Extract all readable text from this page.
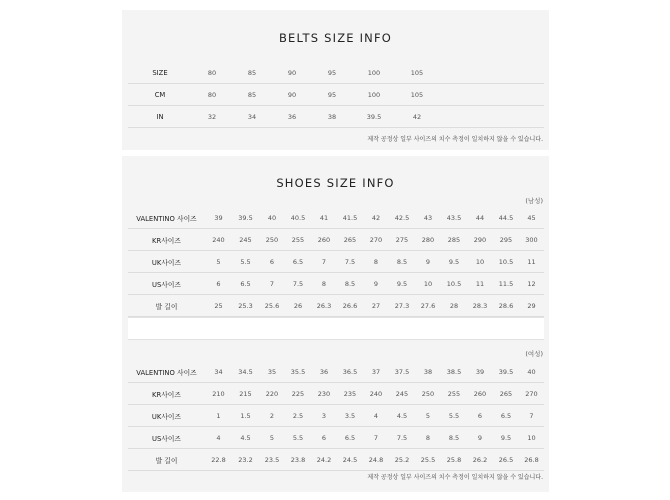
BELTS SIZE INFO
SIZE	80	85	90	95	100	105	
CM	80	85	90	95	100	105	
IN	32	34	36	38	39.5	42	
제작 공정상 일부 사이즈의 치수 측정이 일치하지 않을 수 있습니다.
SHOES SIZE INFO
(남성)
(여성)
제작 공정상 일부 사이즈의 치수 측정이 일치하지 않을 수 있습니다.
VALENTINO 사이즈	39	39.5	40	40.5	41	41.5	42	42.5	43	43.5	44	44.5	45
KR사이즈	240	245	250	255	260	265	270	275	280	285	290	295	300
UK사이즈	5	5.5	6	6.5	7	7.5	8	8.5	9	9.5	10	10.5	11
US사이즈	6	6.5	7	7.5	8	8.5	9	9.5	10	10.5	11	11.5	12
발 길이	25	25.3	25.6	26	26.3	26.6	27	27.3	27.6	28	28.3	28.6	29
VALENTINO 사이즈	34	34.5	35	35.5	36	36.5	37	37.5	38	38.5	39	39.5	40
KR사이즈	210	215	220	225	230	235	240	245	250	255	260	265	270
UK사이즈	1	1.5	2	2.5	3	3.5	4	4.5	5	5.5	6	6.5	7
US사이즈	4	4.5	5	5.5	6	6.5	7	7.5	8	8.5	9	9.5	10
발 길이	22.8	23.2	23.5	23.8	24.2	24.5	24.8	25.2	25.5	25.8	26.2	26.5	26.8
